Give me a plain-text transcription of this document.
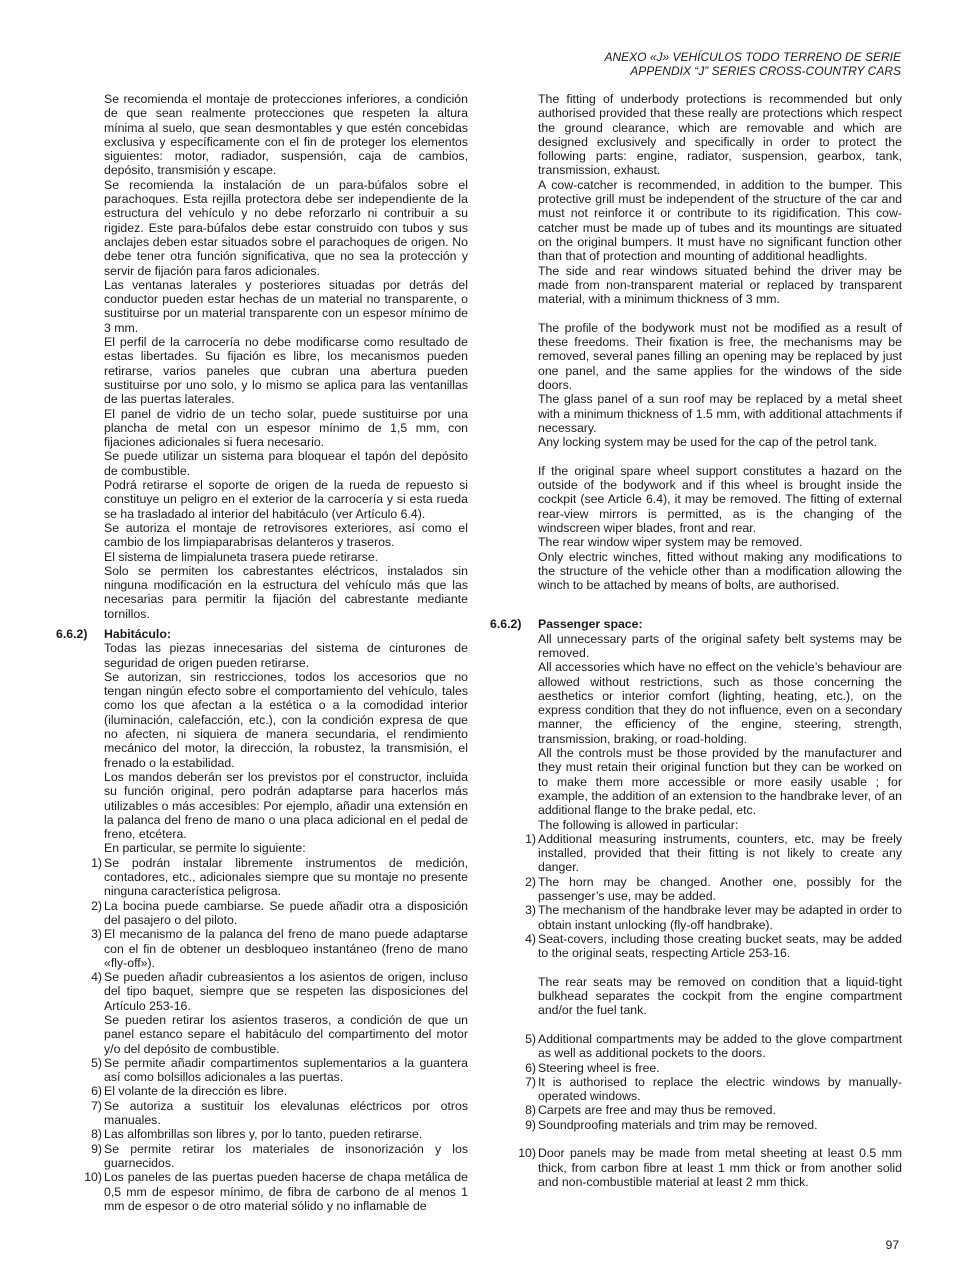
ANEXO «J» VEHÍCULOS TODO TERRENO DE SERIE
APPENDIX “J” SERIES CROSS-COUNTRY CARS

Se recomienda el montaje de protecciones inferiores, a condición de que sean realmente protecciones que respeten la altura mínima al suelo, que sean desmontables y que estén concebidas exclusiva y específicamente con el fin de proteger los elementos siguientes: motor, radiador, suspensión, caja de cambios, depósito, transmisión y escape.

Se recomienda la instalación de un para-búfalos sobre el parachoques. Esta rejilla protectora debe ser independiente de la estructura del vehículo y no debe reforzarlo ni contribuir a su rigidez. Este para-búfalos debe estar construido con tubos y sus anclajes deben estar situados sobre el parachoques de origen. No debe tener otra función significativa, que no sea la protección y servir de fijación para faros adicionales.

Las ventanas laterales y posteriores situadas por detrás del conductor pueden estar hechas de un material no transparente, o sustituirse por un material transparente con un espesor mínimo de 3 mm.

El perfil de la carrocería no debe modificarse como resultado de estas libertades. Su fijación es libre, los mecanismos pueden retirarse, varios paneles que cubran una abertura pueden sustituirse por uno solo, y lo mismo se aplica para las ventanillas de las puertas laterales.

El panel de vidrio de un techo solar, puede sustituirse por una plancha de metal con un espesor mínimo de 1,5 mm, con fijaciones adicionales si fuera necesario.

Se puede utilizar un sistema para bloquear el tapón del depósito de combustible.

Podrá retirarse el soporte de origen de la rueda de repuesto si constituye un peligro en el exterior de la carrocería y si esta rueda se ha trasladado al interior del habitáculo (ver Artículo 6.4).

Se autoriza el montaje de retrovisores exteriores, así como el cambio de los limpiaparabrisas delanteros y traseros.

El sistema de limpialuneta trasera puede retirarse.

Solo se permiten los cabrestantes eléctricos, instalados sin ninguna modificación en la estructura del vehículo más que las necesarias para permitir la fijación del cabrestante mediante tornillos.

6.6.2) Habitáculo:

Todas las piezas innecesarias del sistema de cinturones de seguridad de origen pueden retirarse.

Se autorizan, sin restricciones, todos los accesorios que no tengan ningún efecto sobre el comportamiento del vehículo, tales como los que afectan a la estética o a la comodidad interior (iluminación, calefacción, etc.), con la condición expresa de que no afecten, ni siquiera de manera secundaria, el rendimiento mecánico del motor, la dirección, la robustez, la transmisión, el frenado o la estabilidad.

Los mandos deberán ser los previstos por el constructor, incluida su función original, pero podrán adaptarse para hacerlos más utilizables o más accesibles: Por ejemplo, añadir una extensión en la palanca del freno de mano o una placa adicional en el pedal de freno, etcétera.

En particular, se permite lo siguiente:

1) Se podrán instalar libremente instrumentos de medición, contadores, etc., adicionales siempre que su montaje no presente ninguna característica peligrosa.
2) La bocina puede cambiarse. Se puede añadir otra a disposición del pasajero o del piloto.
3) El mecanismo de la palanca del freno de mano puede adaptarse con el fin de obtener un desbloqueo instantáneo (freno de mano «fly-off»).
4) Se pueden añadir cubreasientos a los asientos de origen, incluso del tipo baquet, siempre que se respeten las disposiciones del Artículo 253-16.

Se pueden retirar los asientos traseros, a condición de que un panel estanco separe el habitáculo del compartimento del motor y/o del depósito de combustible.

5) Se permite añadir compartimentos suplementarios a la guantera así como bolsillos adicionales a las puertas.
6) El volante de la dirección es libre.
7) Se autoriza a sustituir los elevalunas eléctricos por otros manuales.
8) Las alfombrillas son libres y, por lo tanto, pueden retirarse.
9) Se permite retirar los materiales de insonorización y los guarnecidos.
10) Los paneles de las puertas pueden hacerse de chapa metálica de 0,5 mm de espesor mínimo, de fibra de carbono de al menos 1 mm de espesor o de otro material sólido y no inflamable de

The fitting of underbody protections is recommended but only authorised provided that these really are protections which respect the ground clearance, which are removable and which are designed exclusively and specifically in order to protect the following parts: engine, radiator, suspension, gearbox, tank, transmission, exhaust.

A cow-catcher is recommended, in addition to the bumper. This protective grill must be independent of the structure of the car and must not reinforce it or contribute to its rigidification. This cow-catcher must be made up of tubes and its mountings are situated on the original bumpers. It must have no significant function other than that of protection and mounting of additional headlights.

The side and rear windows situated behind the driver may be made from non-transparent material or replaced by transparent material, with a minimum thickness of 3 mm.

The profile of the bodywork must not be modified as a result of these freedoms. Their fixation is free, the mechanisms may be removed, several panes filling an opening may be replaced by just one panel, and the same applies for the windows of the side doors.

The glass panel of a sun roof may be replaced by a metal sheet with a minimum thickness of 1.5 mm, with additional attachments if necessary.

Any locking system may be used for the cap of the petrol tank.

If the original spare wheel support constitutes a hazard on the outside of the bodywork and if this wheel is brought inside the cockpit (see Article 6.4), it may be removed. The fitting of external rear-view mirrors is permitted, as is the changing of the windscreen wiper blades, front and rear.

The rear window wiper system may be removed.

Only electric winches, fitted without making any modifications to the structure of the vehicle other than a modification allowing the winch to be attached by means of bolts, are authorised.

6.6.2) Passenger space:

All unnecessary parts of the original safety belt systems may be removed.

All accessories which have no effect on the vehicle’s behaviour are allowed without restrictions, such as those concerning the aesthetics or interior comfort (lighting, heating, etc.), on the express condition that they do not influence, even on a secondary manner, the efficiency of the engine, steering, strength, transmission, braking, or road-holding.

All the controls must be those provided by the manufacturer and they must retain their original function but they can be worked on to make them more accessible or more easily usable ; for example, the addition of an extension to the handbrake lever, of an additional flange to the brake pedal, etc.

The following is allowed in particular:

1) Additional measuring instruments, counters, etc. may be freely installed, provided that their fitting is not likely to create any danger.
2) The horn may be changed. Another one, possibly for the passenger’s use, may be added.
3) The mechanism of the handbrake lever may be adapted in order to obtain instant unlocking (fly-off handbrake).
4) Seat-covers, including those creating bucket seats, may be added to the original seats, respecting Article 253-16.

The rear seats may be removed on condition that a liquid-tight bulkhead separates the cockpit from the engine compartment and/or the fuel tank.

5) Additional compartments may be added to the glove compartment as well as additional pockets to the doors.
6) Steering wheel is free.
7) It is authorised to replace the electric windows by manually-operated windows.
8) Carpets are free and may thus be removed.
9) Soundproofing materials and trim may be removed.
10) Door panels may be made from metal sheeting at least 0.5 mm thick, from carbon fibre at least 1 mm thick or from another solid and non-combustible material at least 2 mm thick.
97
